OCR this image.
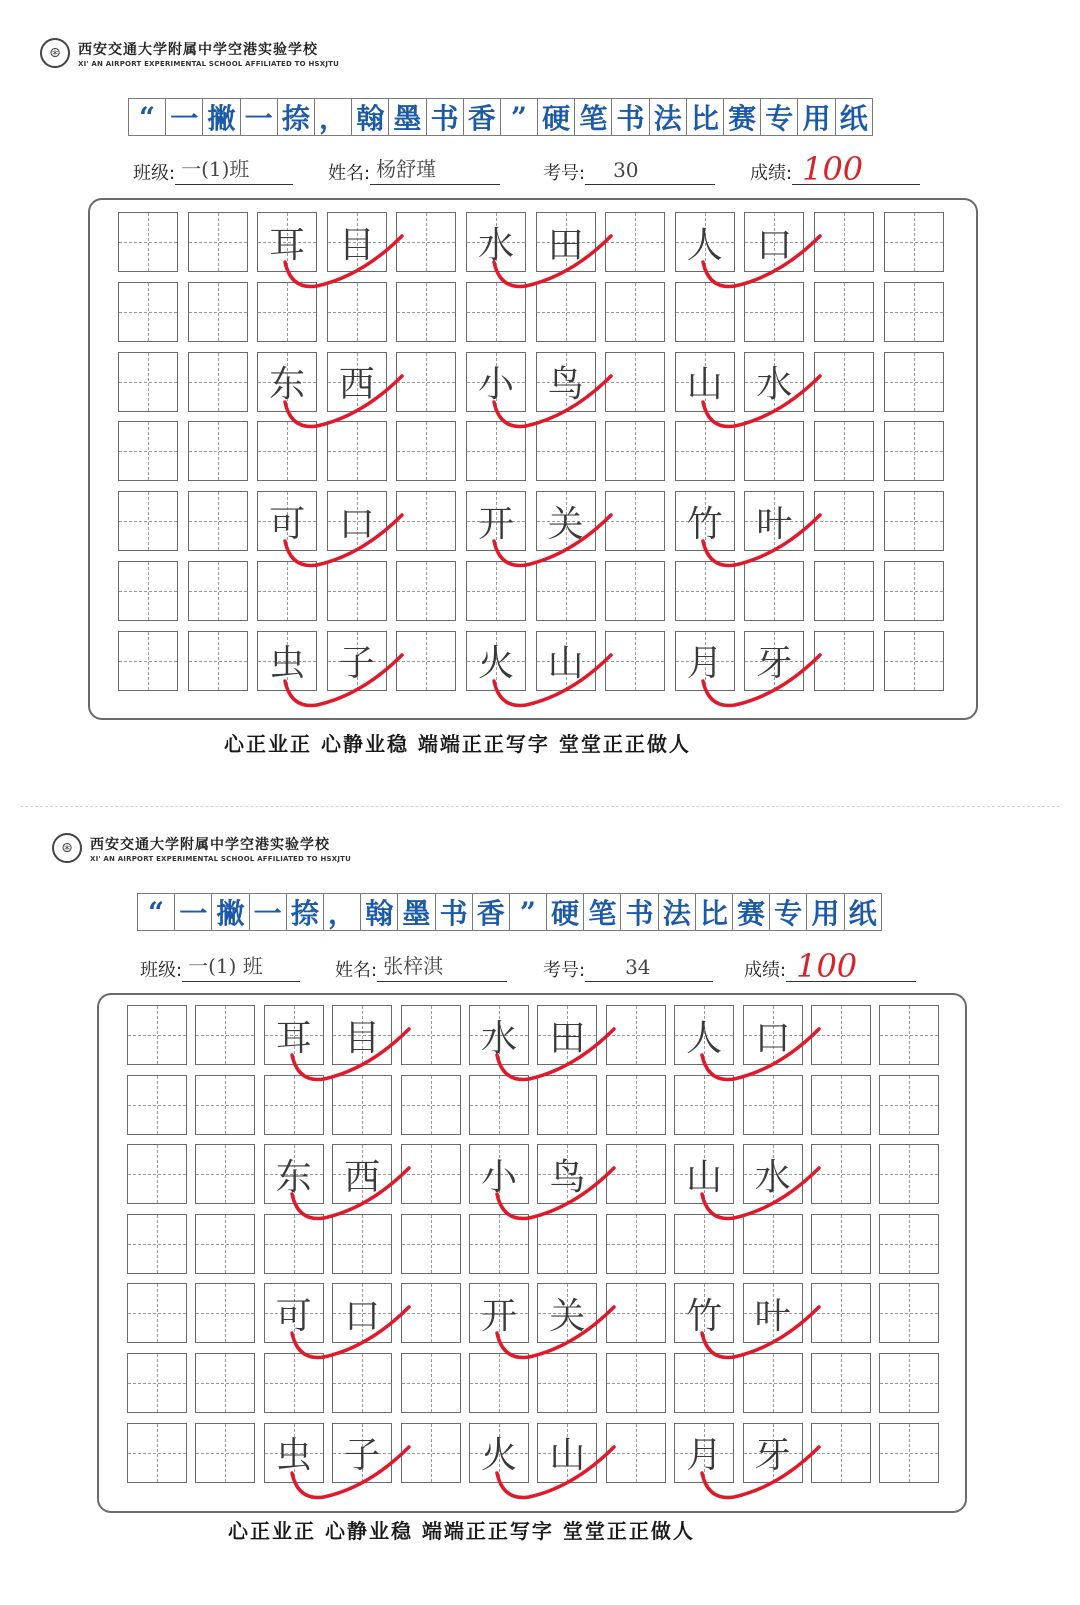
⊛	西安交通大学附属中学空港实验学校
XI' AN AIRPORT EXPERIMENTAL SCHOOL AFFILIATED TO HSXJTU
“ 一 撇 一 捺 ， 翰 墨 书 香 ” 硬 笔 书 法 比 赛 专 用 纸
班级: 一(1)班	姓名: 杨舒瑾	考号: 30	成绩: 100
耳 目	水 田	人 口
东 西	小 鸟	山 水
可 口	开 关	竹 叶
虫 子	火 山	月 牙
心正业正 心静业稳 端端正正写字 堂堂正正做人
⊛	西安交通大学附属中学空港实验学校
XI' AN AIRPORT EXPERIMENTAL SCHOOL AFFILIATED TO HSXJTU
“ 一 撇 一 捺 ， 翰 墨 书 香 ” 硬 笔 书 法 比 赛 专 用 纸
班级: 一(1) 班	姓名: 张梓淇	考号: 34	成绩: 100
耳 目	水 田	人 口
东 西	小 鸟	山 水
可 口	开 关	竹 叶
虫 子	火 山	月 牙
心正业正 心静业稳 端端正正写字 堂堂正正做人
